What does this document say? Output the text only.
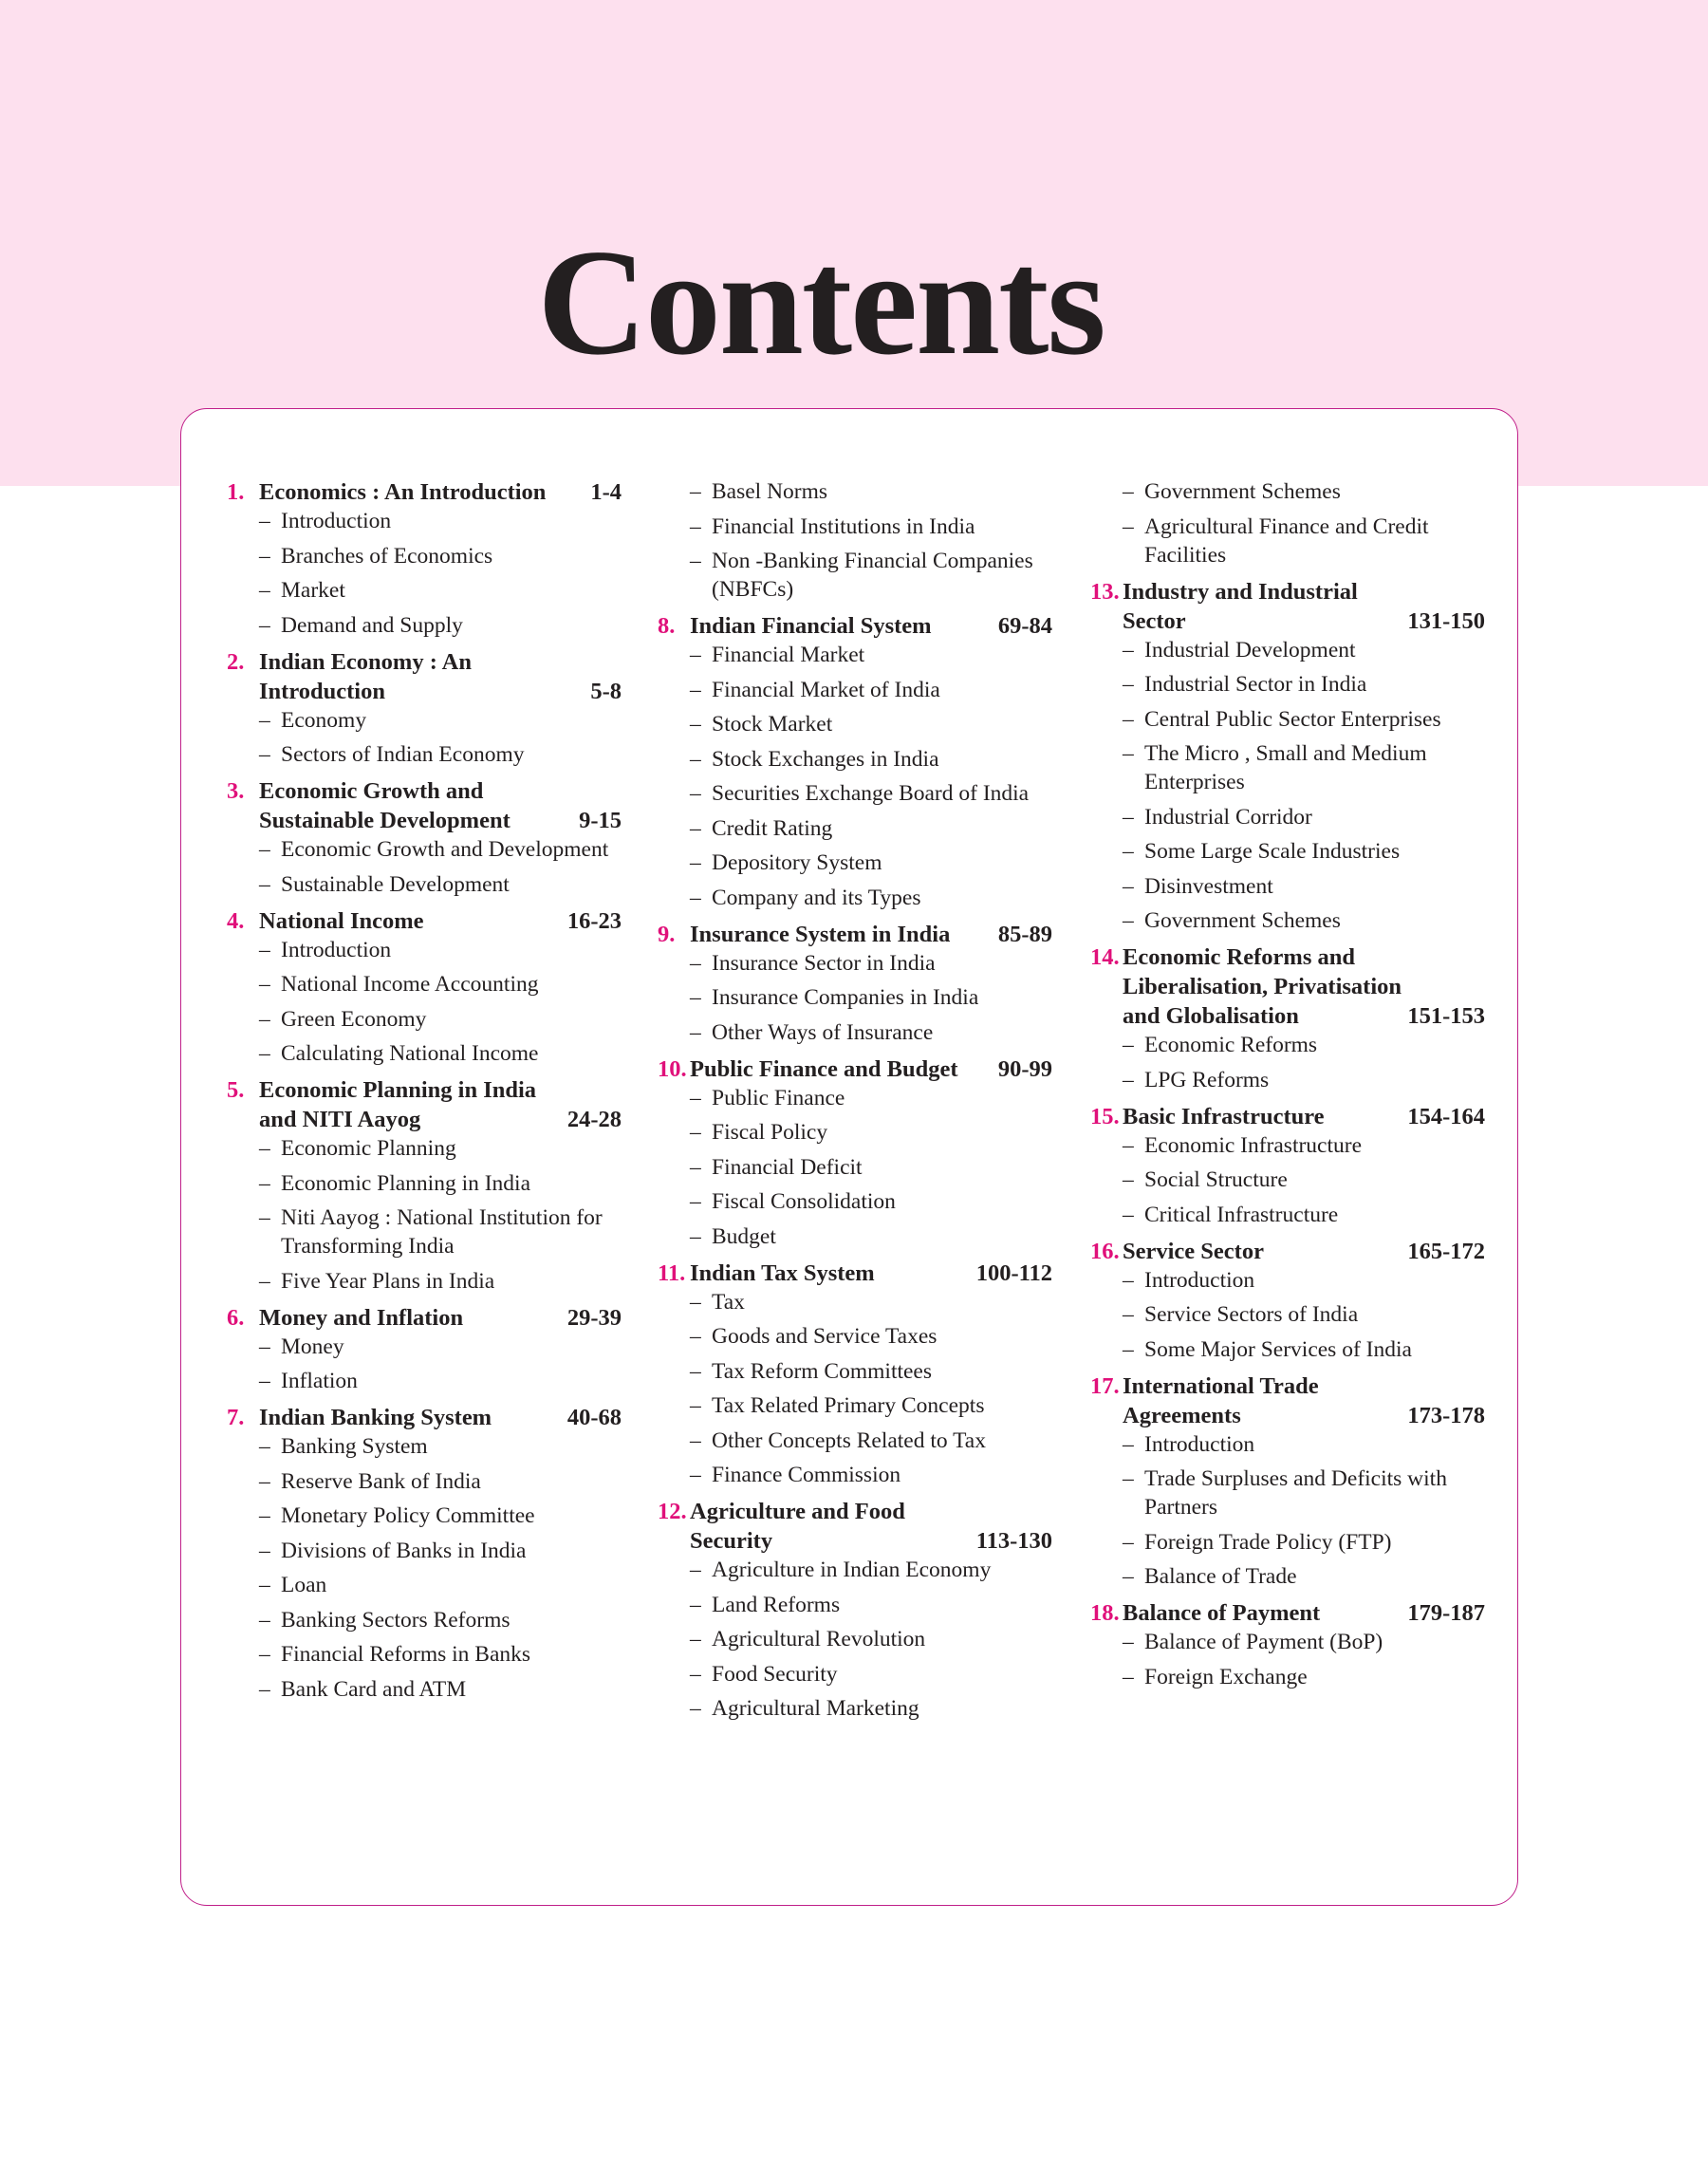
Contents
1. Economics : An Introduction	1-4
– Introduction
– Branches of Economics
– Market
– Demand and Supply
2. Indian Economy : An Introduction	5-8
– Economy
– Sectors of Indian Economy
3. Economic Growth and Sustainable Development	9-15
– Economic Growth and Development
– Sustainable Development
4. National Income	16-23
– Introduction
– National Income Accounting
– Green Economy
– Calculating National Income
5. Economic Planning in India and NITI Aayog	24-28
– Economic Planning
– Economic Planning in India
– Niti Aayog : National Institution for Transforming India
– Five Year Plans in India
6. Money and Inflation	29-39
– Money
– Inflation
7. Indian Banking System	40-68
– Banking System
– Reserve Bank of India
– Monetary Policy Committee
– Divisions of Banks in India
– Loan
– Banking Sectors Reforms
– Financial Reforms in Banks
– Bank Card and ATM
– Basel Norms
– Financial Institutions in India
– Non -Banking Financial Companies (NBFCs)
8. Indian Financial System	69-84
– Financial Market
– Financial Market of India
– Stock Market
– Stock Exchanges in India
– Securities Exchange Board of India
– Credit Rating
– Depository System
– Company and its Types
9. Insurance System in India	85-89
– Insurance Sector in India
– Insurance Companies in India
– Other Ways of Insurance
10. Public Finance and Budget	90-99
– Public Finance
– Fiscal Policy
– Financial Deficit
– Fiscal Consolidation
– Budget
11. Indian Tax System	100-112
– Tax
– Goods and Service Taxes
– Tax Reform Committees
– Tax Related Primary Concepts
– Other Concepts Related to Tax
– Finance Commission
12. Agriculture and Food Security	113-130
– Agriculture in Indian Economy
– Land Reforms
– Agricultural Revolution
– Food Security
– Agricultural Marketing
– Government Schemes
– Agricultural Finance and Credit Facilities
13. Industry and Industrial Sector	131-150
– Industrial Development
– Industrial Sector in India
– Central Public Sector Enterprises
– The Micro , Small and Medium Enterprises
– Industrial Corridor
– Some Large Scale Industries
– Disinvestment
– Government Schemes
14. Economic Reforms and Liberalisation, Privatisation and Globalisation	151-153
– Economic Reforms
– LPG Reforms
15. Basic Infrastructure	154-164
– Economic Infrastructure
– Social Structure
– Critical Infrastructure
16. Service Sector	165-172
– Introduction
– Service Sectors of India
– Some Major Services of India
17. International Trade Agreements	173-178
– Introduction
– Trade Surpluses and Deficits with Partners
– Foreign Trade Policy (FTP)
– Balance of Trade
18. Balance of Payment	179-187
– Balance of Payment (BoP)
– Foreign Exchange
